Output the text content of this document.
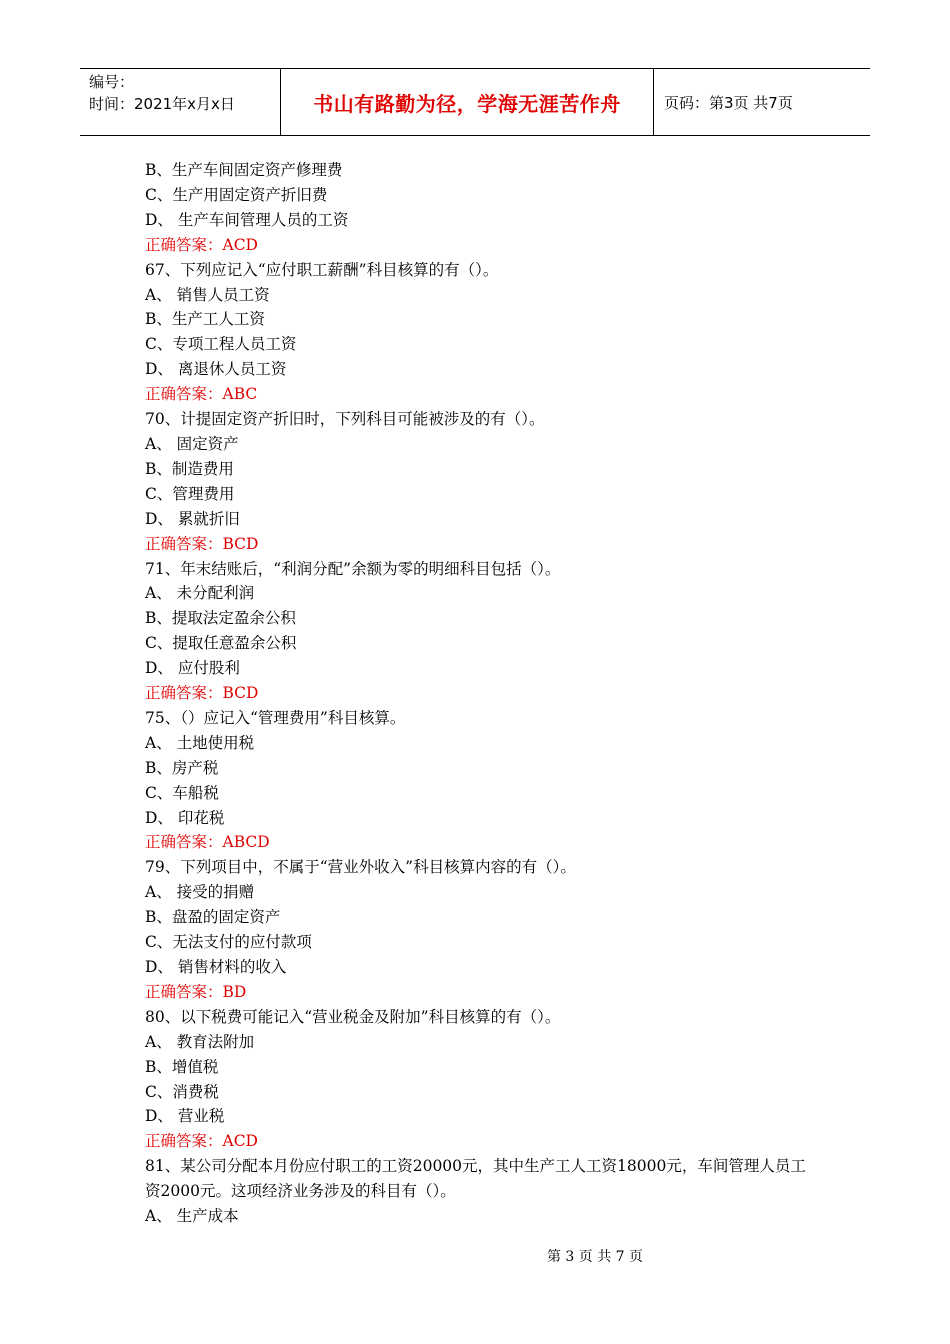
编号：
时间：2021年x月x日	书山有路勤为径，学海无涯苦作舟	页码：第3页 共7页
B、生产车间固定资产修理费
C、生产用固定资产折旧费
D、 生产车间管理人员的工资
正确答案：ACD
67、下列应记入“应付职工薪酬”科目核算的有（）。
A、 销售人员工资
B、生产工人工资
C、专项工程人员工资
D、 离退休人员工资
正确答案：ABC
70、计提固定资产折旧时，下列科目可能被涉及的有（）。
A、 固定资产
B、制造费用
C、管理费用
D、 累就折旧
正确答案：BCD
71、年末结账后，“利润分配”余额为零的明细科目包括（）。
A、 未分配利润
B、提取法定盈余公积
C、提取任意盈余公积
D、 应付股利
正确答案：BCD
75、（）应记入“管理费用”科目核算。
A、 土地使用税
B、房产税
C、车船税
D、 印花税
正确答案：ABCD
79、下列项目中，不属于“营业外收入”科目核算内容的有（）。
A、 接受的捐赠
B、盘盈的固定资产
C、无法支付的应付款项
D、 销售材料的收入
正确答案：BD
80、以下税费可能记入“营业税金及附加”科目核算的有（）。
A、 教育法附加
B、增值税
C、消费税
D、 营业税
正确答案：ACD
81、某公司分配本月份应付职工的工资20000元，其中生产工人工资18000元，车间管理人员工资2000元。这项经济业务涉及的科目有（）。
A、 生产成本
第 3 页 共 7 页
